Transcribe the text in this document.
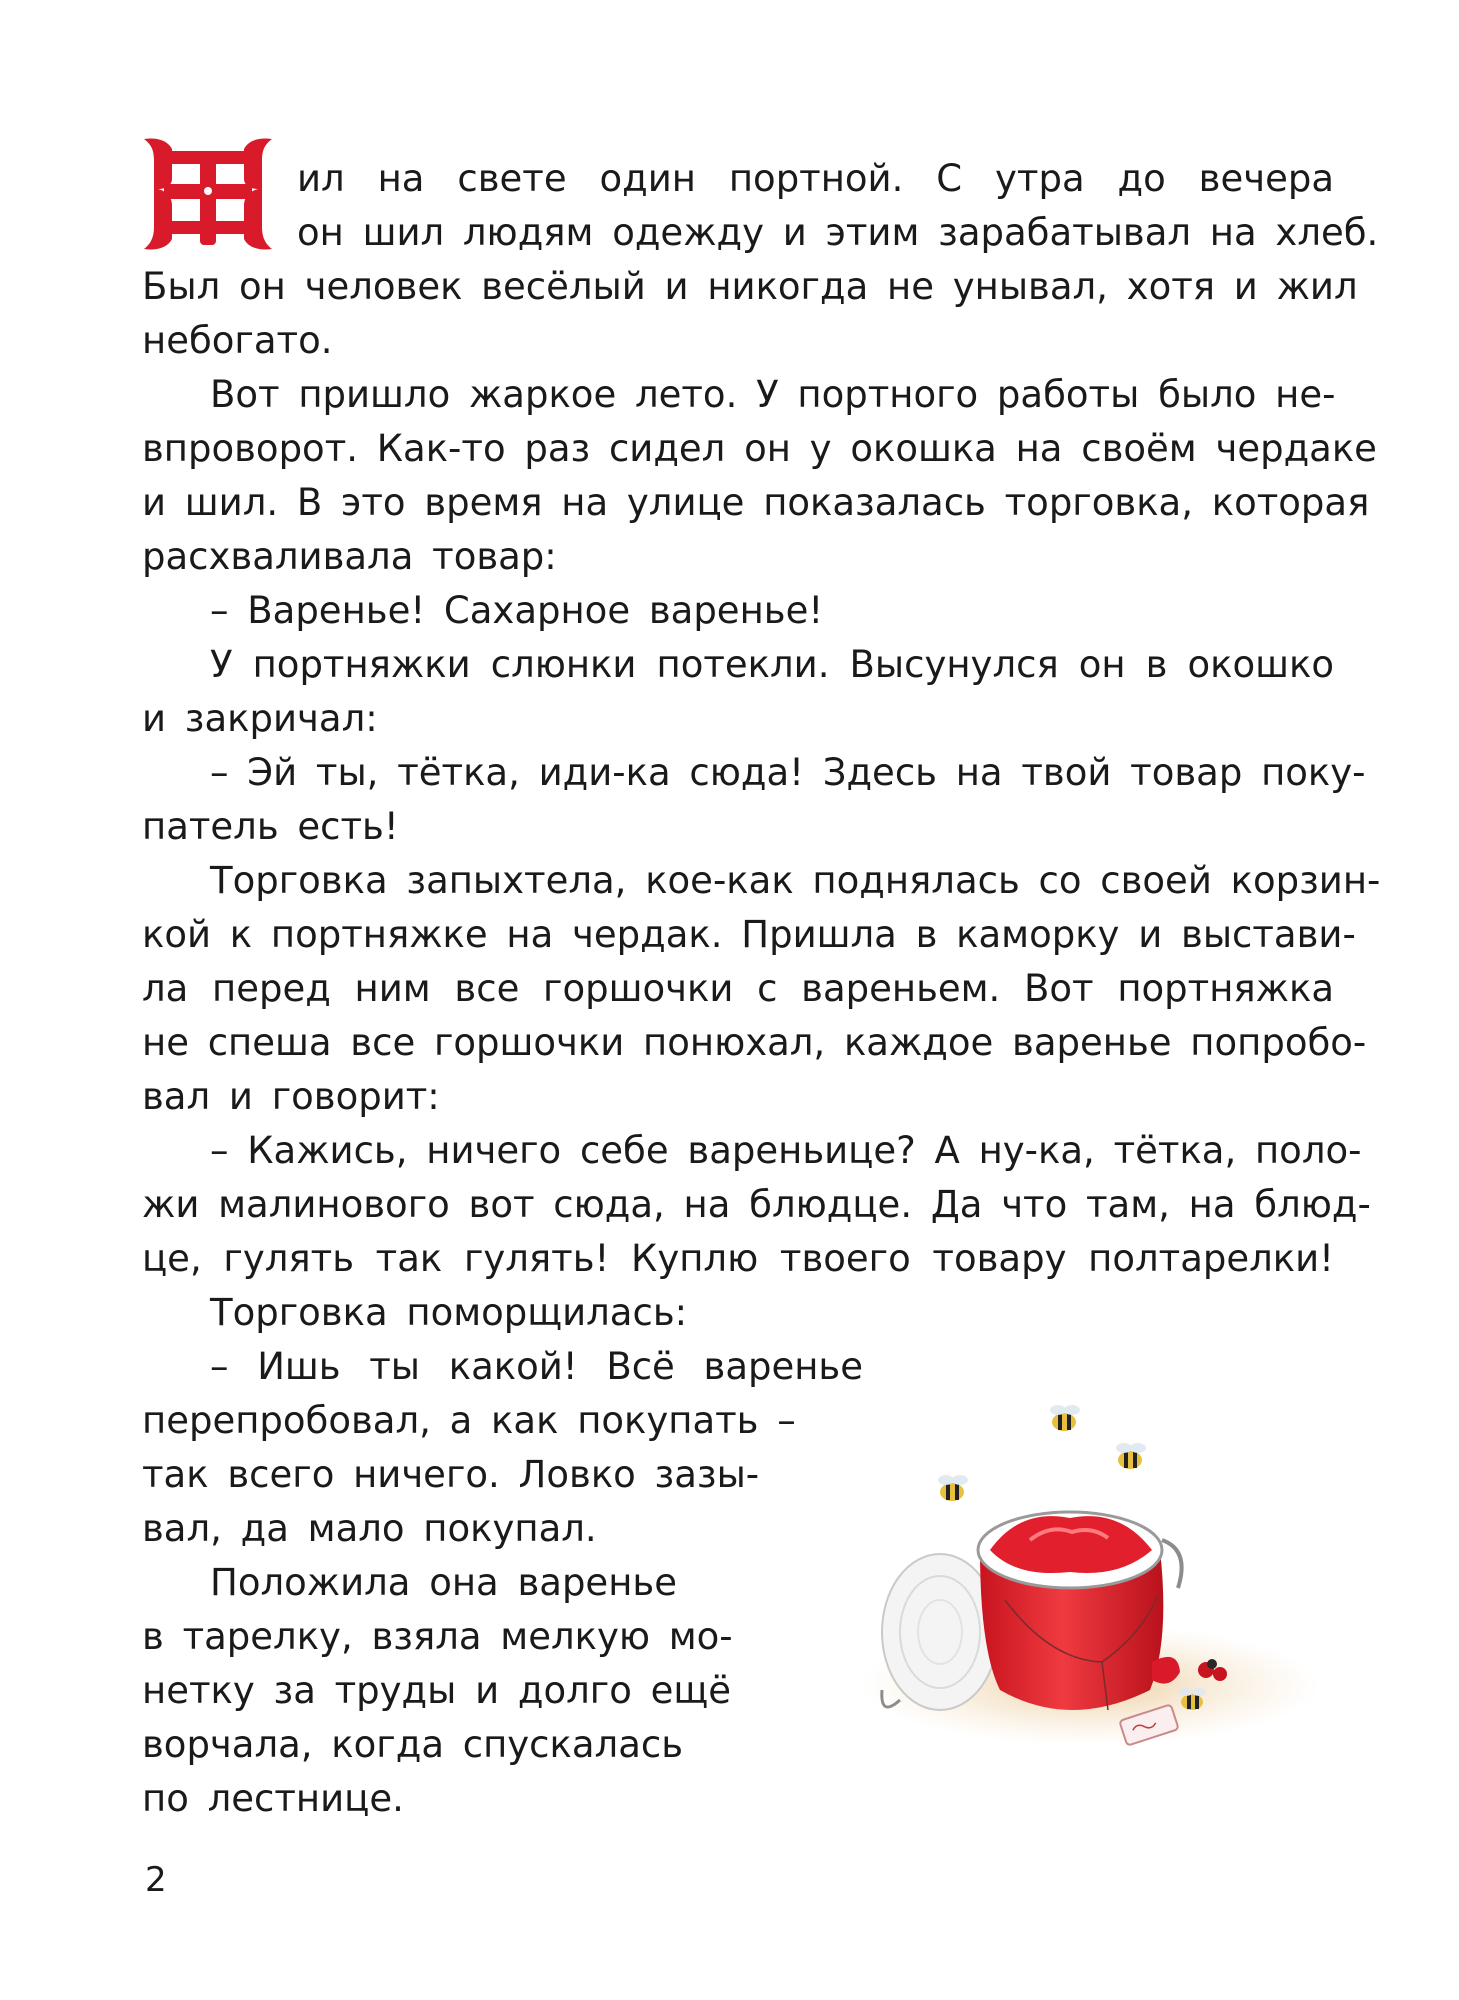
ил на свете один портной. С утра до вечера
он шил людям одежду и этим зарабатывал на хлеб.
Был он человек весёлый и никогда не унывал, хотя и жил
небогато.
Вот пришло жаркое лето. У портного работы было не-
впроворот. Как-то раз сидел он у окошка на своём чердаке
и шил. В это время на улице показалась торговка, которая
расхваливала товар:
– Варенье! Сахарное варенье!
У портняжки слюнки потекли. Высунулся он в окошко
и закричал:
– Эй ты, тётка, иди-ка сюда! Здесь на твой товар поку-
патель есть!
Торговка запыхтела, кое-как поднялась со своей корзин-
кой к портняжке на чердак. Пришла в каморку и выстави-
ла перед ним все горшочки с вареньем. Вот портняжка
не спеша все горшочки понюхал, каждое варенье попробо-
вал и говорит:
– Кажись, ничего себе вареньице? А ну-ка, тётка, поло-
жи малинового вот сюда, на блюдце. Да что там, на блюд-
це, гулять так гулять! Куплю твоего товару полтарелки!
Торговка поморщилась:
– Ишь ты какой! Всё варенье
перепробовал, а как покупать –
так всего ничего. Ловко зазы-
вал, да мало покупал.
Положила она варенье
в тарелку, взяла мелкую мо-
нетку за труды и долго ещё
ворчала, когда спускалась
по лестнице.
2
